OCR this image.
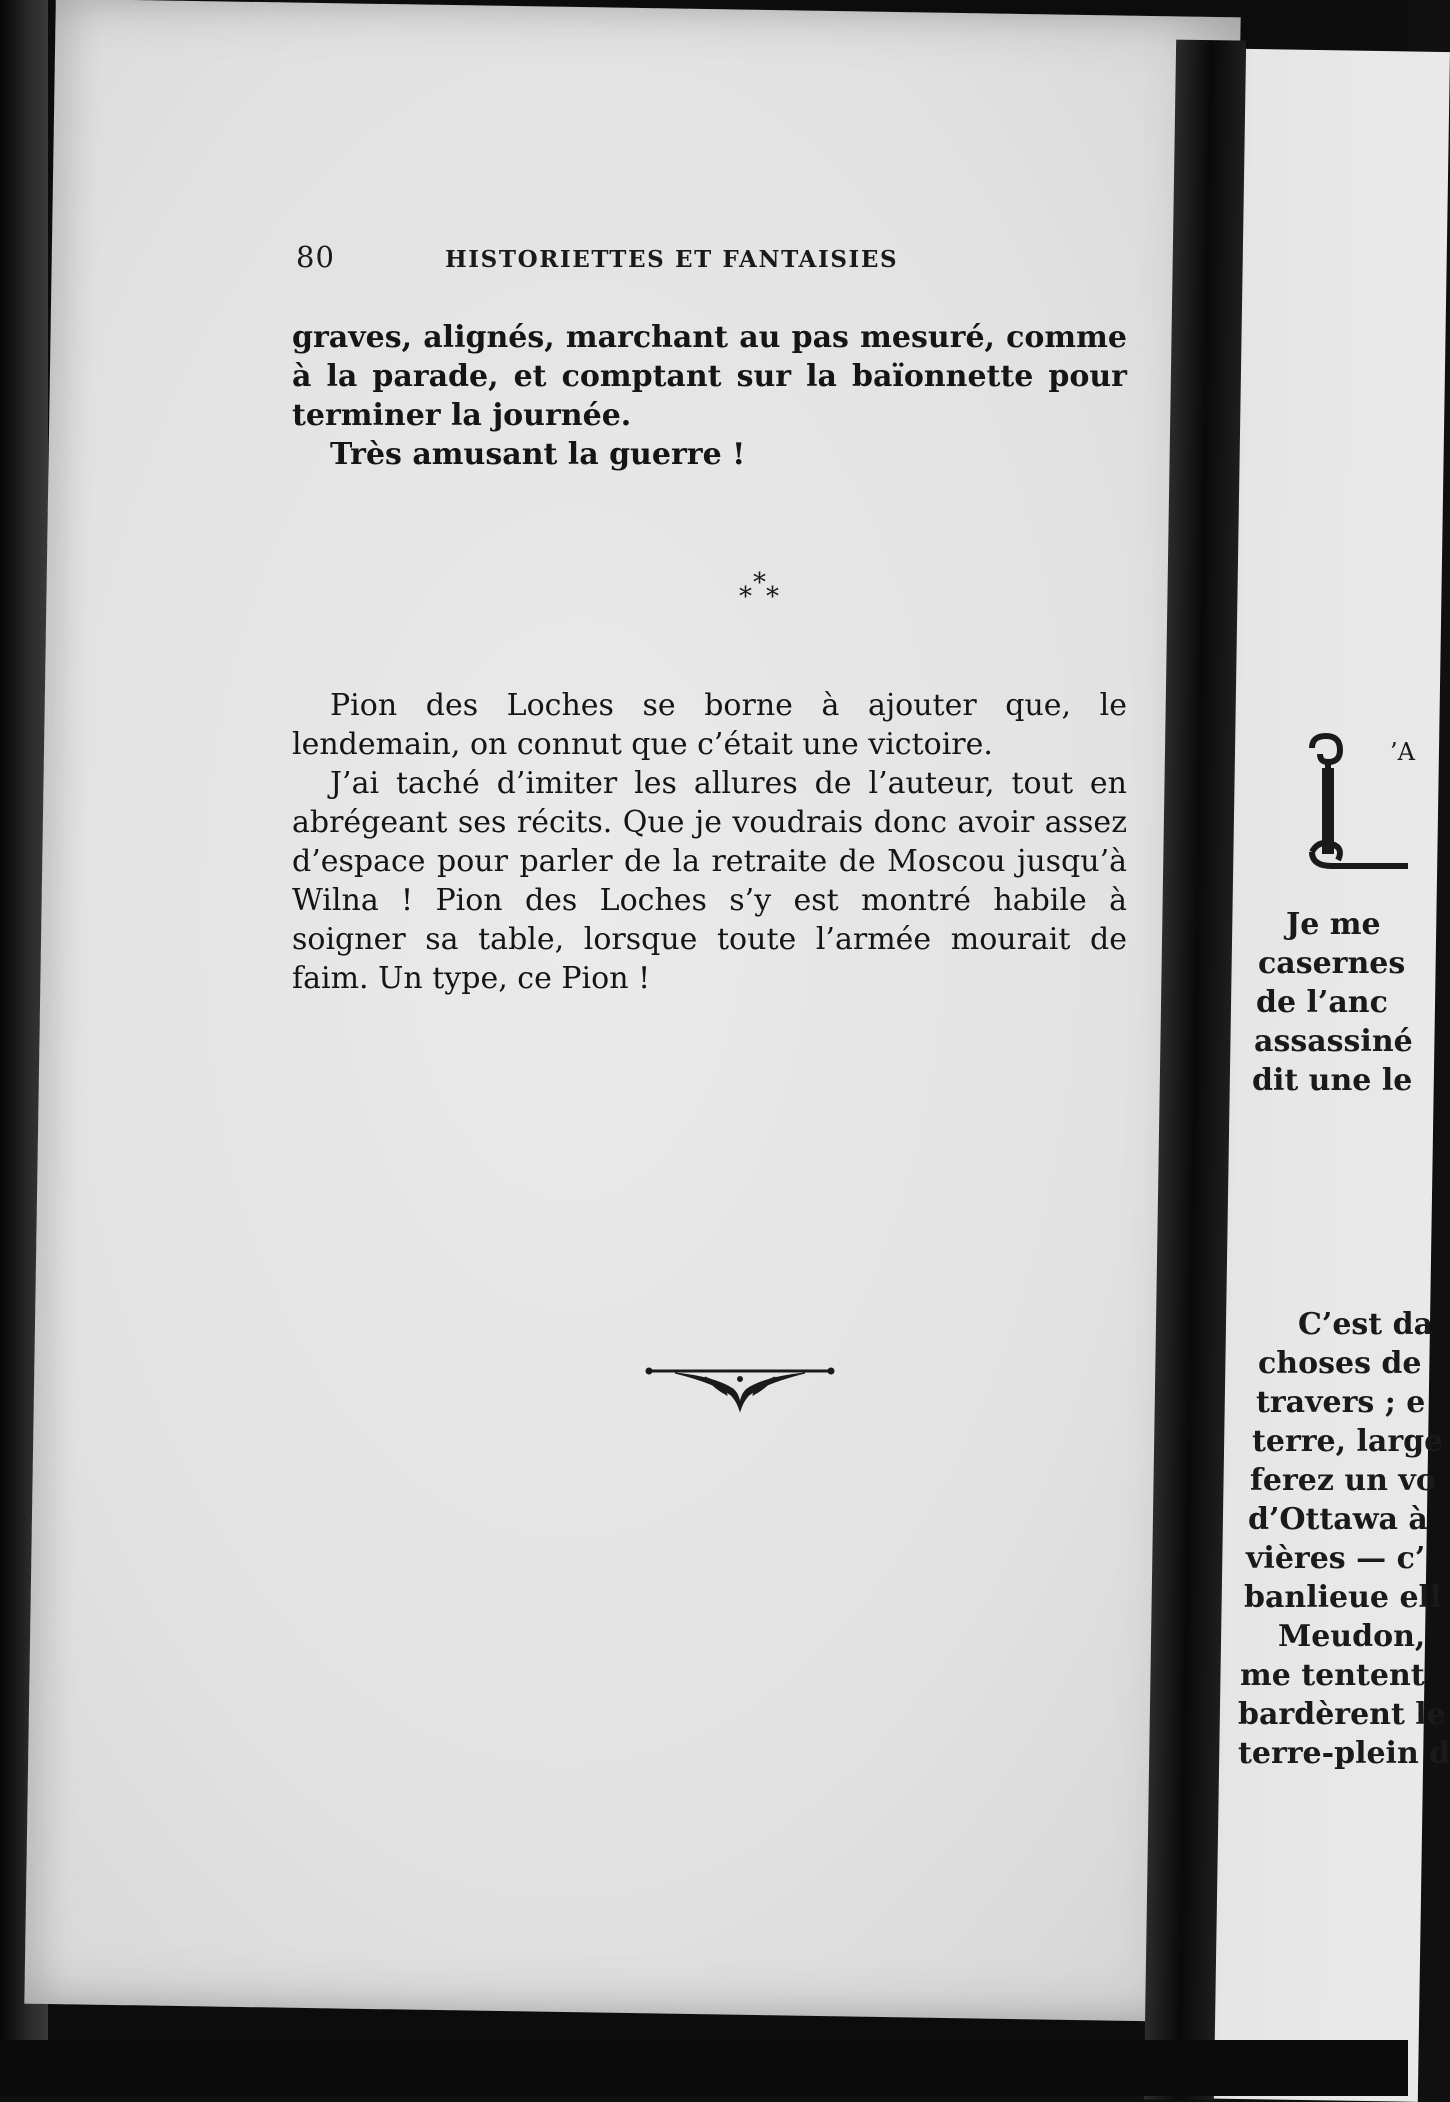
80	HISTORIETTES ET FANTAISIES

graves, alignés, marchant au pas mesuré, comme à la parade, et comptant sur la baïonnette pour terminer la journée.

Très amusant la guerre !

*
* *

Pion des Loches se borne à ajouter que, le lendemain, on connut que c’était une victoire.

J’ai taché d’imiter les allures de l’auteur, tout en abrégeant ses récits. Que je voudrais donc avoir assez d’espace pour parler de la retraite de Moscou jusqu’à Wilna ! Pion des Loches s’y est montré habile à soigner sa table, lorsque toute l’armée mourait de faim. Un type, ce Pion !

’A
Je me
casernes
de l’anc
assassiné
dit une le
C’est da
choses de
travers ; e
terre, large
ferez un vo
d’Ottawa à
vières — c’
banlieue ell
Meudon,
me tentent
bardèrent le
terre-plein d
